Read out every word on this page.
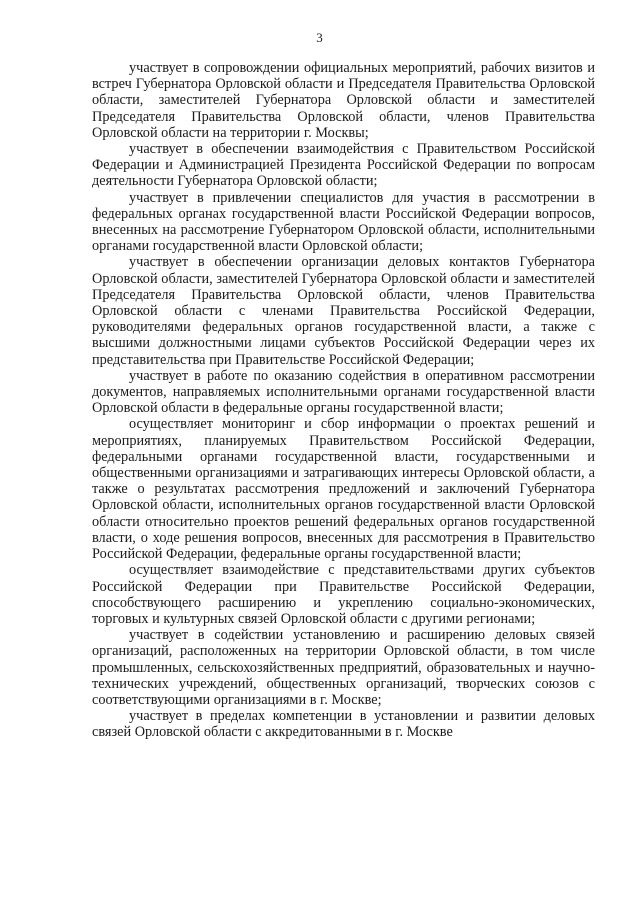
3

участвует в сопровождении официальных мероприятий, рабочих визитов и встреч Губернатора Орловской области и Председателя Правительства Орловской области, заместителей Губернатора Орловской области и заместителей Председателя Правительства Орловской области, членов Правительства Орловской области на территории г. Москвы;

участвует в обеспечении взаимодействия с Правительством Российской Федерации и Администрацией Президента Российской Федерации по вопросам деятельности Губернатора Орловской области;

участвует в привлечении специалистов для участия в рассмотрении в федеральных органах государственной власти Российской Федерации вопросов, внесенных на рассмотрение Губернатором Орловской области, исполнительными органами государственной власти Орловской области;

участвует в обеспечении организации деловых контактов Губернатора Орловской области, заместителей Губернатора Орловской области и заместителей Председателя Правительства Орловской области, членов Правительства Орловской области с членами Правительства Российской Федерации, руководителями федеральных органов государственной власти, а также с высшими должностными лицами субъектов Российской Федерации через их представительства при Правительстве Российской Федерации;

участвует в работе по оказанию содействия в оперативном рассмотрении документов, направляемых исполнительными органами государственной власти Орловской области в федеральные органы государственной власти;

осуществляет мониторинг и сбор информации о проектах решений и мероприятиях, планируемых Правительством Российской Федерации, федеральными органами государственной власти, государственными и общественными организациями и затрагивающих интересы Орловской области, а также о результатах рассмотрения предложений и заключений Губернатора Орловской области, исполнительных органов государственной власти Орловской области относительно проектов решений федеральных органов государственной власти, о ходе решения вопросов, внесенных для рассмотрения в Правительство Российской Федерации, федеральные органы государственной власти;

осуществляет взаимодействие с представительствами других субъектов Российской Федерации при Правительстве Российской Федерации, способствующего расширению и укреплению социально-экономических, торговых и культурных связей Орловской области с другими регионами;

участвует в содействии установлению и расширению деловых связей организаций, расположенных на территории Орловской области, в том числе промышленных, сельскохозяйственных предприятий, образовательных и научно-технических учреждений, общественных организаций, творческих союзов с соответствующими организациями в г. Москве;

участвует в пределах компетенции в установлении и развитии деловых связей Орловской области с аккредитованными в г. Москве
